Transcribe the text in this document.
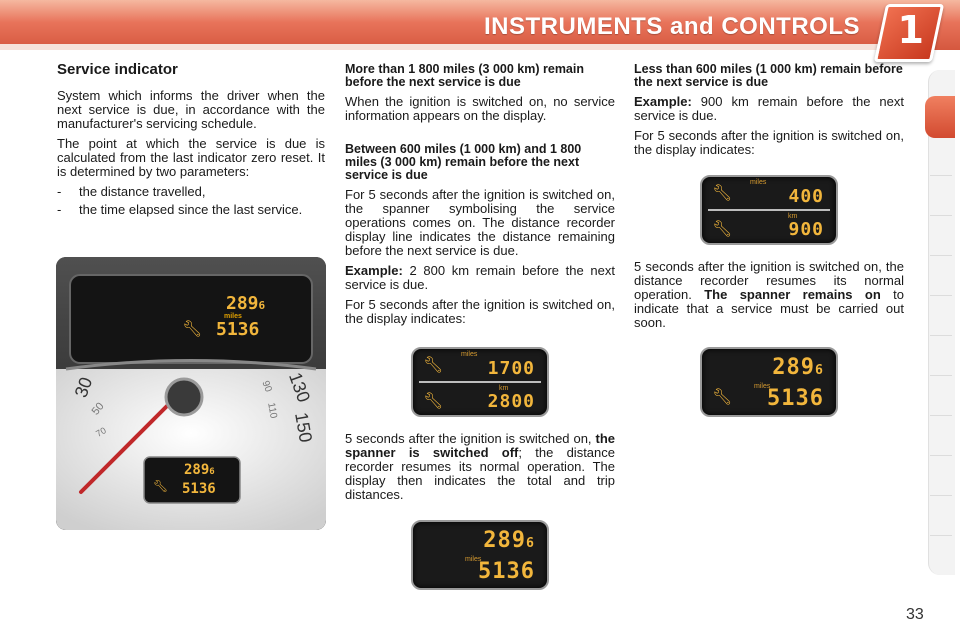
INSTRUMENTS and CONTROLS 1
Service indicator

System which informs the driver when the next service is due, in accordance with the manufacturer's servicing schedule.

The point at which the service is due is calculated from the last indicator zero reset. It is determined by two parameters:

-	the distance travelled,
-	the time elapsed since the last service.
30
50
70
90
110
130
150
2896
miles
🔧︎ 5136
2896
🔧︎ 5136
More than 1 800 miles (3 000 km) remain before the next service is due

When the ignition is switched on, no service information appears on the display.

Between 600 miles (1 000 km) and 1 800 miles (3 000 km) remain before the next service is due

For 5 seconds after the ignition is switched on, the spanner symbolising the service operations comes on. The distance recorder display line indicates the distance remaining before the next service is due.

Example: 2 800 km remain before the next service is due.

For 5 seconds after the ignition is switched on, the display indicates:

5 seconds after the ignition is switched on, the spanner is switched off; the distance recorder resumes its normal operation. The display then indicates the total and trip distances.

miles
🔧︎ 1700
km
🔧︎ 2800
2896
miles
5136
Less than 600 miles (1 000 km) remain before the next service is due

Example: 900 km remain before the next service is due.

For 5 seconds after the ignition is switched on, the display indicates:

miles
🔧︎	400
km
🔧︎	900

5 seconds after the ignition is switched on, the distance recorder resumes its normal operation. The spanner remains on to indicate that a service must be carried out soon.

🔧︎
2896
miles
5136
33
